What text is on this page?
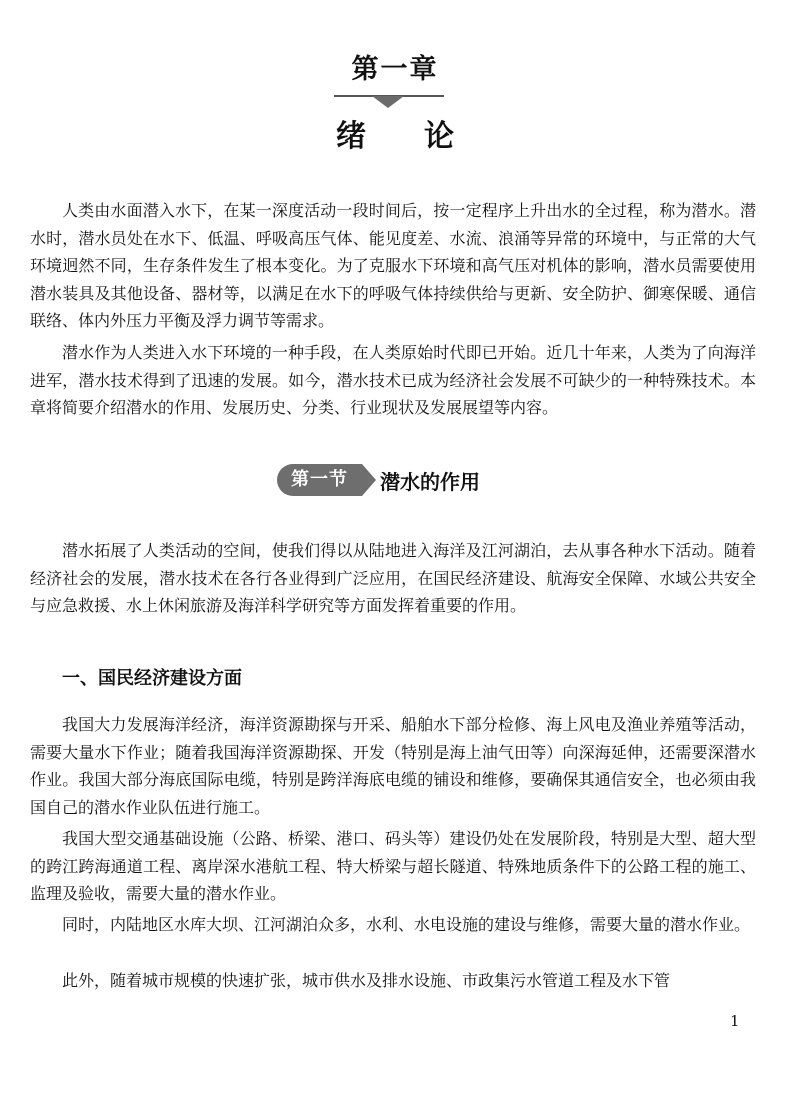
第一章
绪论

人类由水面潜入水下，在某一深度活动一段时间后，按一定程序上升出水的全过程，称为潜水。潜水时，潜水员处在水下、低温、呼吸高压气体、能见度差、水流、浪涌等异常的环境中，与正常的大气环境迥然不同，生存条件发生了根本变化。为了克服水下环境和高气压对机体的影响，潜水员需要使用潜水装具及其他设备、器材等，以满足在水下的呼吸气体持续供给与更新、安全防护、御寒保暖、通信联络、体内外压力平衡及浮力调节等需求。

潜水作为人类进入水下环境的一种手段，在人类原始时代即已开始。近几十年来，人类为了向海洋进军，潜水技术得到了迅速的发展。如今，潜水技术已成为经济社会发展不可缺少的一种特殊技术。本章将简要介绍潜水的作用、发展历史、分类、行业现状及发展展望等内容。

第一节	潜水的作用

潜水拓展了人类活动的空间，使我们得以从陆地进入海洋及江河湖泊，去从事各种水下活动。随着经济社会的发展，潜水技术在各行各业得到广泛应用，在国民经济建设、航海安全保障、水域公共安全与应急救援、水上休闲旅游及海洋科学研究等方面发挥着重要的作用。

一、国民经济建设方面

我国大力发展海洋经济，海洋资源勘探与开采、船舶水下部分检修、海上风电及渔业养殖等活动，需要大量水下作业；随着我国海洋资源勘探、开发（特别是海上油气田等）向深海延伸，还需要深潜水作业。我国大部分海底国际电缆，特别是跨洋海底电缆的铺设和维修，要确保其通信安全，也必须由我国自己的潜水作业队伍进行施工。

我国大型交通基础设施（公路、桥梁、港口、码头等）建设仍处在发展阶段，特别是大型、超大型的跨江跨海通道工程、离岸深水港航工程、特大桥梁与超长隧道、特殊地质条件下的公路工程的施工、监理及验收，需要大量的潜水作业。

同时，内陆地区水库大坝、江河湖泊众多，水利、水电设施的建设与维修，需要大量的潜水作业。

此外，随着城市规模的快速扩张，城市供水及排水设施、市政集污水管道工程及水下管

1
